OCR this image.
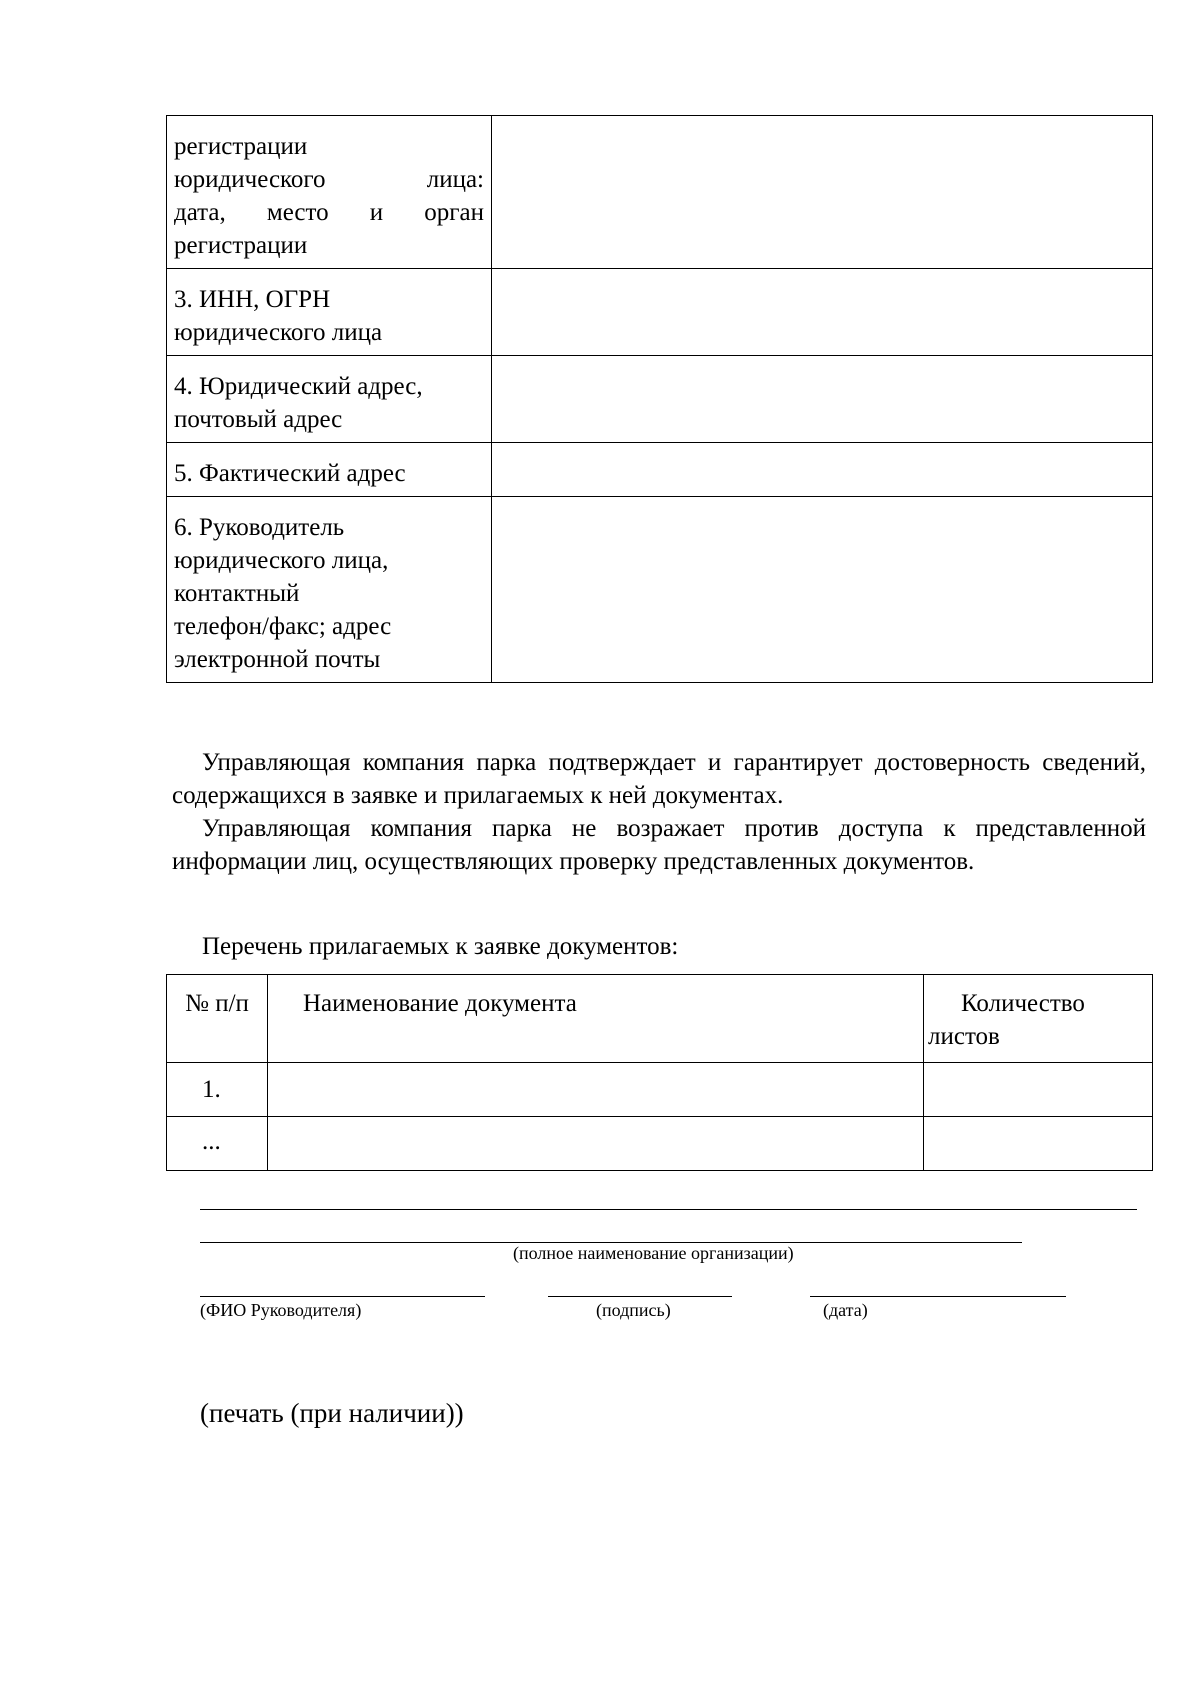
регистрации
юридического лица:
дата, место и орган
регистрации	

3. ИНН, ОГРН
юридического лица	

4. Юридический адрес,
почтовый адрес	

5. Фактический адрес	

6. Руководитель
юридического лица,
контактный
телефон/факс; адрес
электронной почты	

Управляющая компания парка подтверждает и гарантирует достоверность сведений, содержащихся в заявке и прилагаемых к ней документах.

Управляющая компания парка не возражает против доступа к представленной информации лиц, осуществляющих проверку представленных документов.

Перечень прилагаемых к заявке документов:
№ п/п	Наименование документа	Количество
листов

1.		
...		
(полное наименование организации)
(ФИО Руководителя)	(подпись)	(дата)
(печать (при наличии))
